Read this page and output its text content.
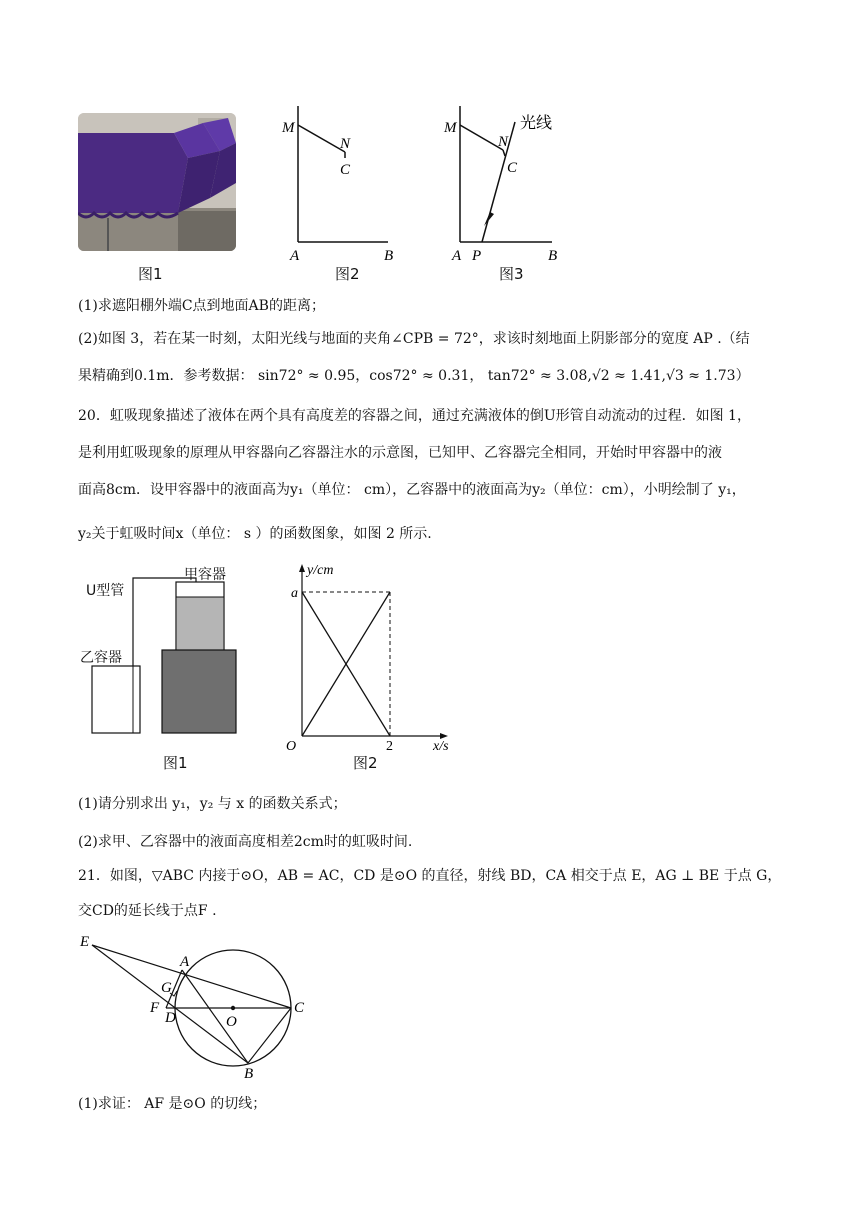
图1
M
N
C
A	B
M
N
C
光线
A P	B
图2	图3
(1)求遮阳棚外端C点到地面AB的距离；
(2)如图 3，若在某一时刻，太阳光线与地面的夹角∠CPB = 72°，求该时刻地面上阴影部分的宽度 AP .（结
果精确到0.1m．参考数据： sin72° ≈ 0.95，cos72° ≈ 0.31， tan72° ≈ 3.08,√2 ≈ 1.41,√3 ≈ 1.73）
20．虹吸现象描述了液体在两个具有高度差的容器之间，通过充满液体的倒U形管自动流动的过程．如图 1，
是利用虹吸现象的原理从甲容器向乙容器注水的示意图，已知甲、乙容器完全相同，开始时甲容器中的液
面高8cm．设甲容器中的液面高为y₁（单位： cm），乙容器中的液面高为y₂（单位：cm），小明绘制了 y₁，
y₂关于虹吸时间x（单位： s ）的函数图象，如图 2 所示.
U型管
甲容器
乙容器
图1
y/cm
a
O	2	x/s
图2
(1)请分别求出 y₁，y₂ 与 x 的函数关系式；
(2)求甲、乙容器中的液面高度相差2cm时的虹吸时间.
21．如图，▽ABC 内接于⊙O，AB = AC，CD 是⊙O 的直径，射线 BD，CA 相交于点 E，AG ⊥ BE 于点 G，
交CD的延长线于点F .
E
A
G
F
D	O
C
B
(1)求证： AF 是⊙O 的切线；
